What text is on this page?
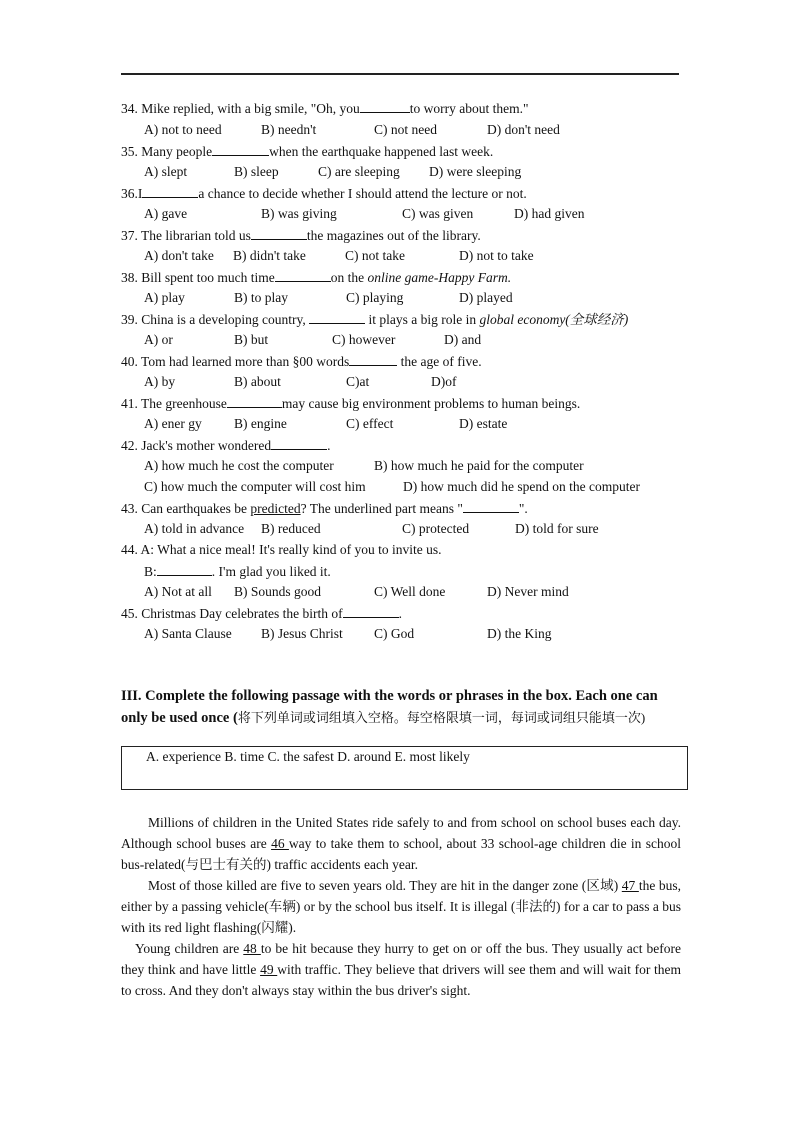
34. Mike replied, with a big smile, "Oh, you	to worry about them."
A) not to need	B) needn't	C) not need	D) don't need
35. Many people	when the earthquake happened last week.
A) slept	B) sleep	C) are sleeping D) were sleeping
36.I	a chance to decide whether I should attend the lecture or not.
A) gave	B) was giving	C) was given	D) had given
37. The librarian told us	the magazines out of the library.
A) don't take B) didn't take	C) not take	D) not to take
38. Bill spent too much time	on the online game-Happy Farm.
A) play	B) to play	C) playing	D) played
39. China is a developing country,	it plays a big role in global economy(全球经济)
A) or	B) but	C) however	D) and
40. Tom had learned more than §00 words	the age of five.
A) by	B) about	C)at	D)of
41. The greenhouse	may cause big environment problems to human beings.
A) ener gy B) engine	C) effect	D) estate
42. Jack's mother wondered	.
A) how much he cost the computer	B) how much he paid for the computer
C) how much the computer will cost him	D) how much did he spend on the computer
43. Can earthquakes be predicted? The underlined part means "	".
A) told in advance B) reduced	C) protected	D) told for sure
44. A: What a nice meal! It's really kind of you to invite us.
B:	. I'm glad you liked it.
A) Not at all B) Sounds good	C) Well done	D) Never mind
45. Christmas Day celebrates the birth of	.
A) Santa Clause B) Jesus Christ C) God	D) the King
III. Complete the following passage with the words or phrases in the box. Each one can only be used once (将下列单词或词组填入空格。每空格限填一词，每词或词组只能填一次)
A. experience B. time C. the safest D. around E. most likely
Millions of children in the United States ride safely to and from school on school buses each day. Although school buses are 46 way to take them to school, about 33 school-age children die in school bus-related(与巴士有关的) traffic accidents each year.
Most of those killed are five to seven years old. They are hit in the danger zone (区域) 47 the bus, either by a passing vehicle(车辆) or by the school bus itself. It is illegal (非法的) for a car to pass a bus with its red light flashing(闪耀).
Young children are 48 to be hit because they hurry to get on or off the bus. They usually act before they think and have little 49 with traffic. They believe that drivers will see them and will wait for them to cross. And they don't always stay within the bus driver's sight.
